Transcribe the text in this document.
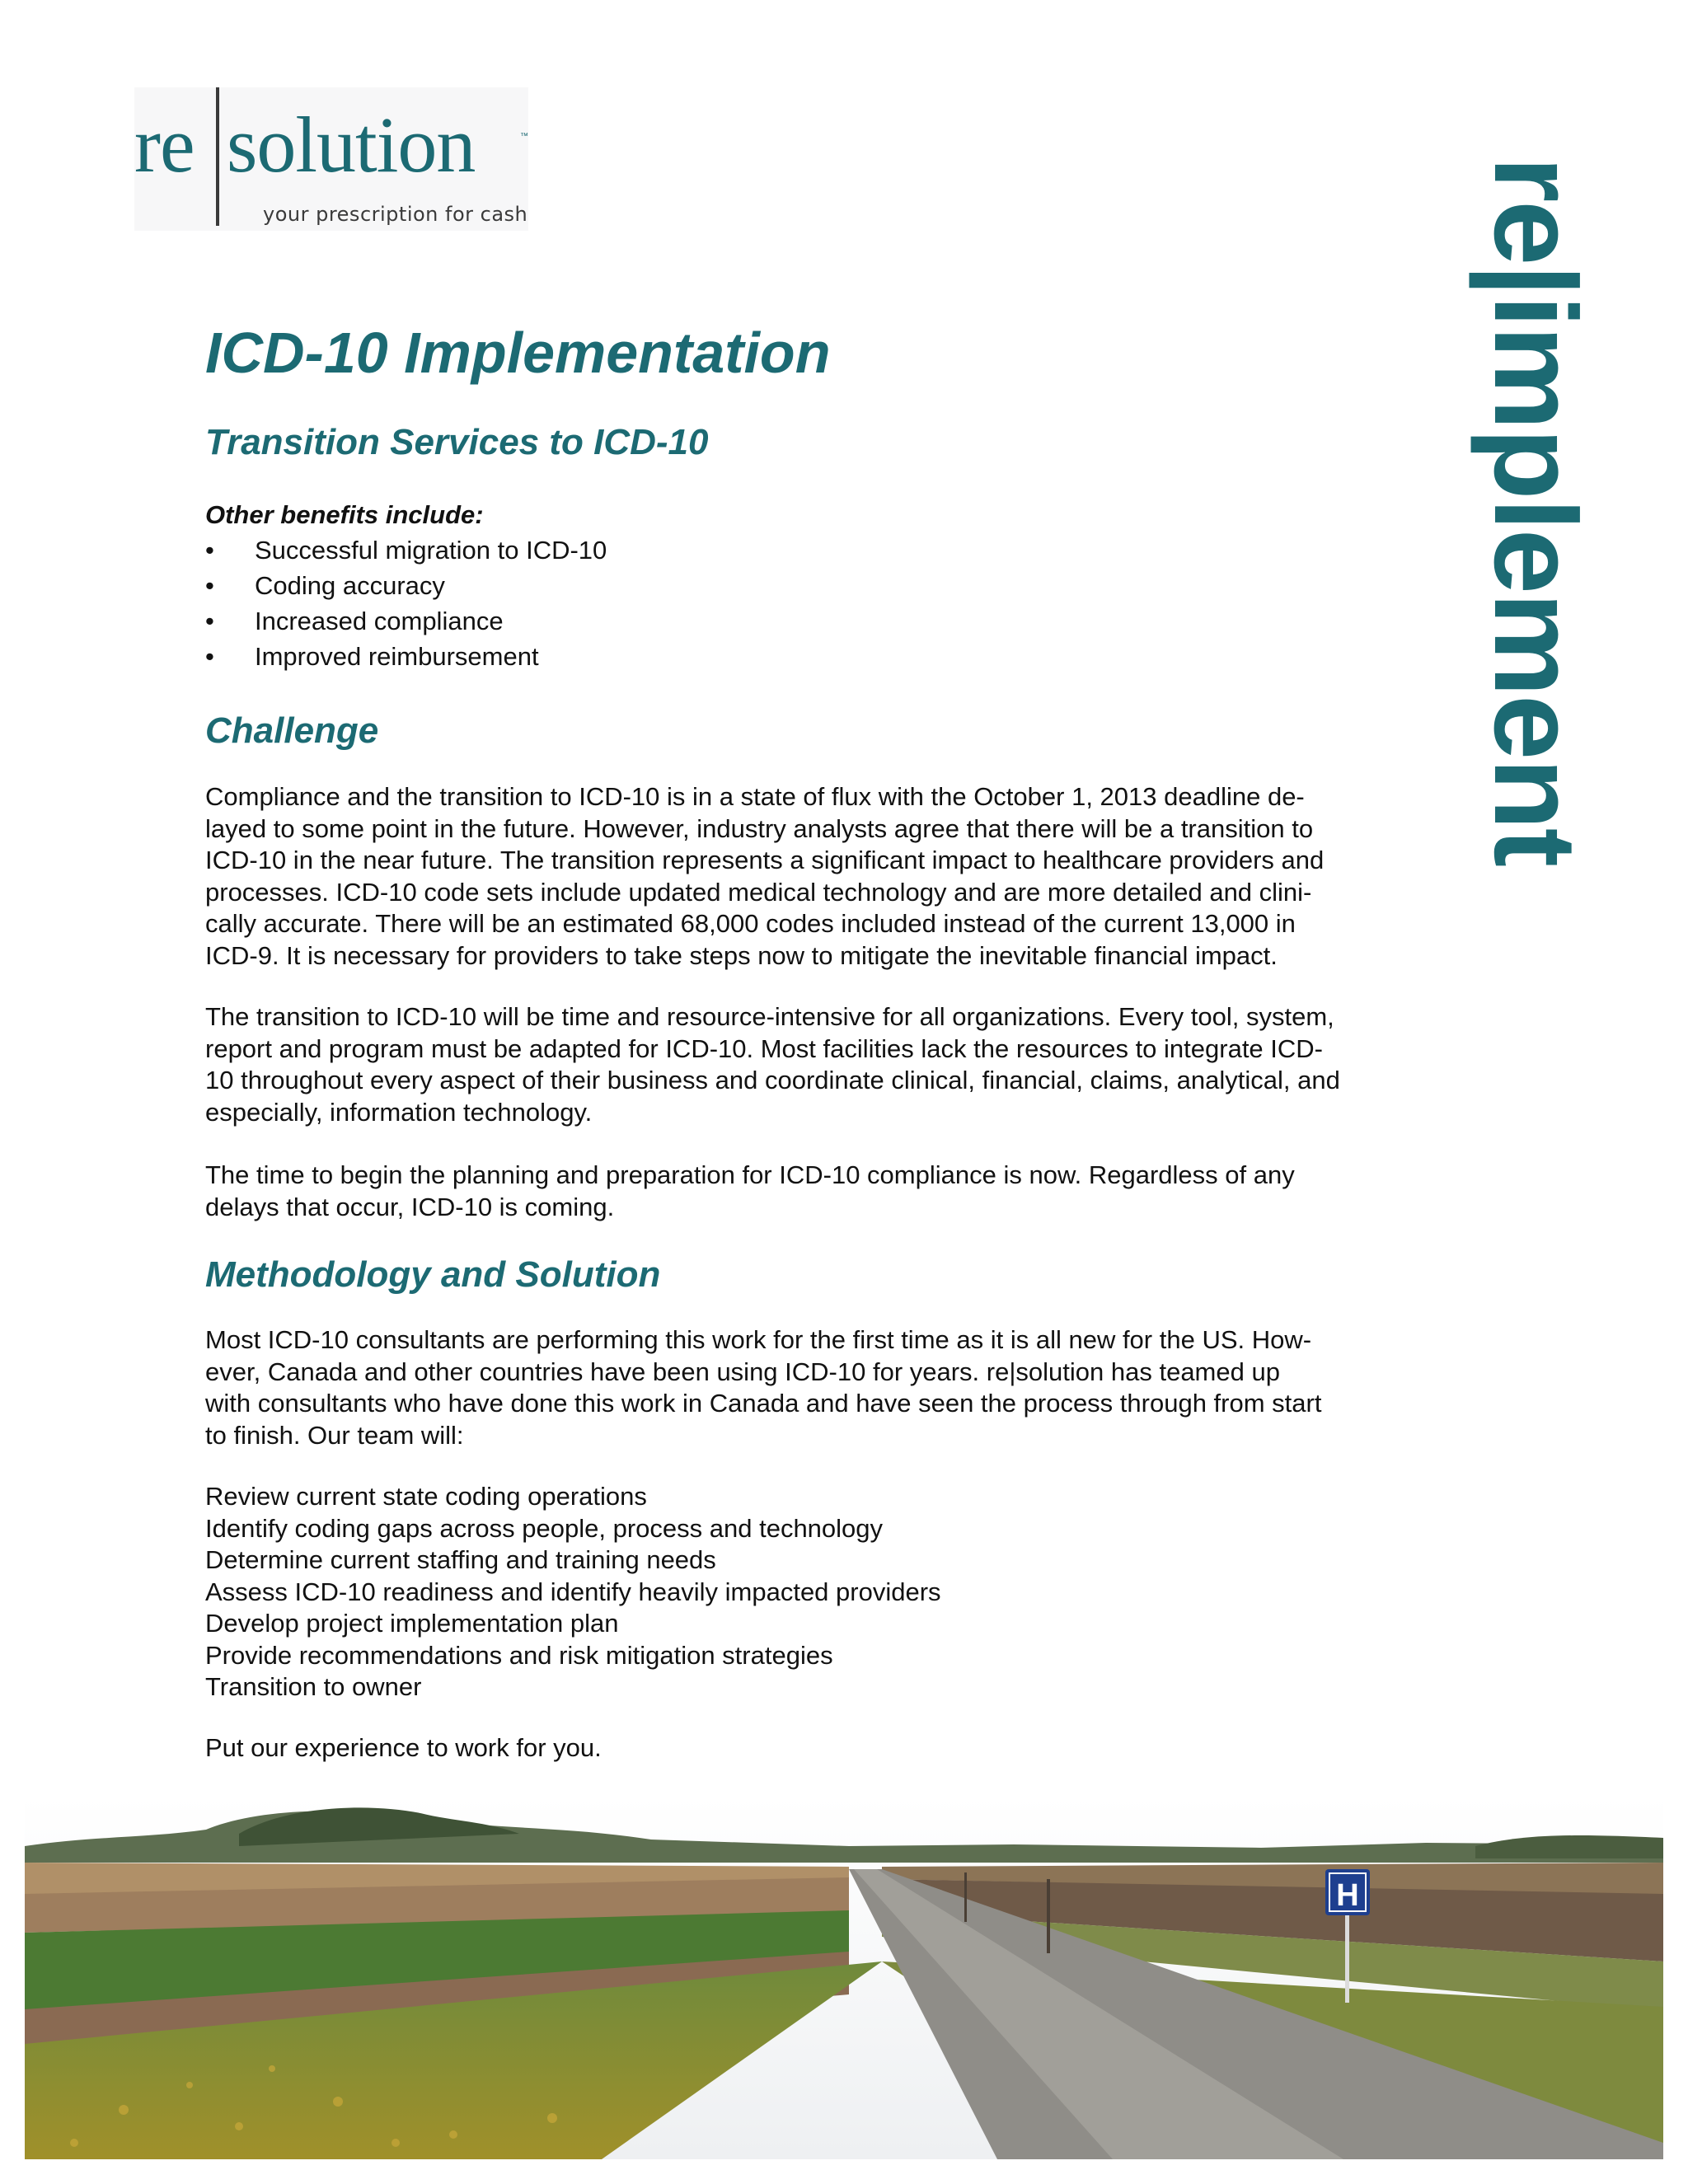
re solution	™
your prescription for cash	re|implement
ICD-10 Implementation
Transition Services to ICD-10

Other benefits include:

• Successful migration to ICD-10
• Coding accuracy
• Increased compliance
• Improved reimbursement
Challenge

Compliance and the transition to ICD-10 is in a state of flux with the October 1, 2013 deadline de-
layed to some point in the future. However, industry analysts agree that there will be a transition to
ICD-10 in the near future. The transition represents a significant impact to healthcare providers and
processes. ICD-10 code sets include updated medical technology and are more detailed and clini-
cally accurate. There will be an estimated 68,000 codes included instead of the current 13,000 in
ICD-9. It is necessary for providers to take steps now to mitigate the inevitable financial impact.

The transition to ICD-10 will be time and resource-intensive for all organizations. Every tool, system,
report and program must be adapted for ICD-10. Most facilities lack the resources to integrate ICD-
10 throughout every aspect of their business and coordinate clinical, financial, claims, analytical, and
especially, information technology.

The time to begin the planning and preparation for ICD-10 compliance is now. Regardless of any
delays that occur, ICD-10 is coming.

Methodology and Solution

Most ICD-10 consultants are performing this work for the first time as it is all new for the US. How-
ever, Canada and other countries have been using ICD-10 for years. re|solution has teamed up
with consultants who have done this work in Canada and have seen the process through from start
to finish. Our team will:

Review current state coding operations
Identify coding gaps across people, process and technology
Determine current staffing and training needs
Assess ICD-10 readiness and identify heavily impacted providers
Develop project implementation plan
Provide recommendations and risk mitigation strategies
Transition to owner

Put our experience to work for you.

H
